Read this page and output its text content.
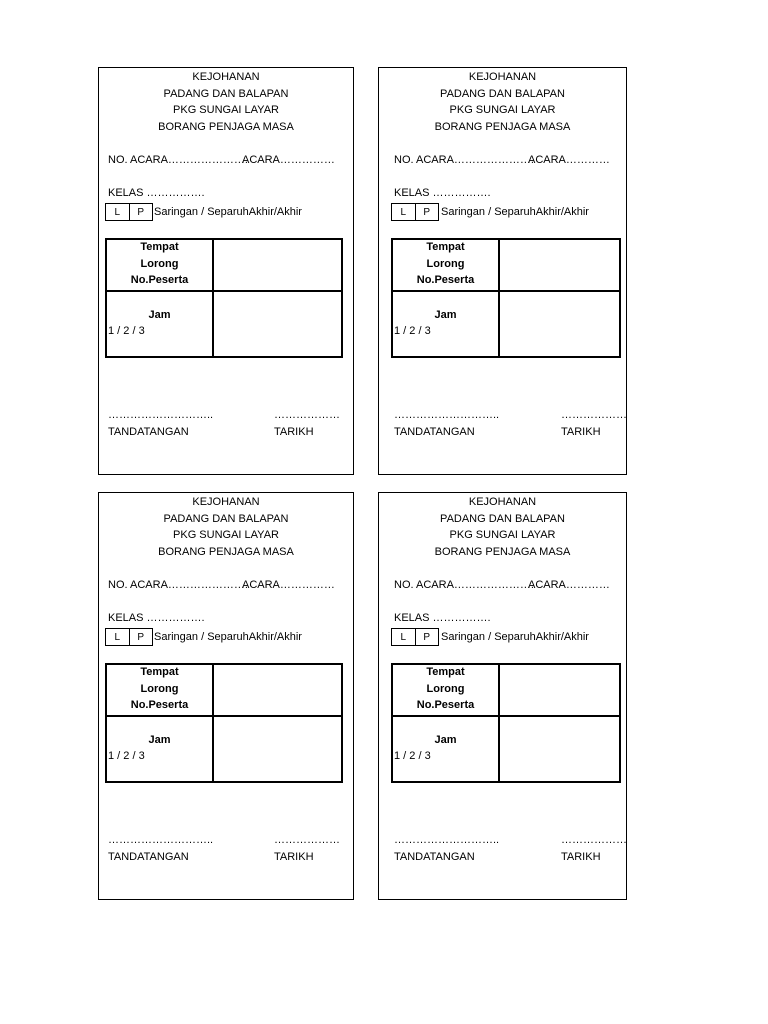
KEJOHANAN
PADANG DAN BALAPAN
PKG SUNGAI LAYAR
BORANG PENJAGA MASA
NO. ACARA………………….
ACARA……………
KELAS …………….
L	P Saringan / SeparuhAkhir/Akhir
Tempat
Lorong
No.Peserta
Jam
1 / 2 / 3
………………………..	………………
TANDATANGAN	TARIKH
KEJOHANAN
PADANG DAN BALAPAN
PKG SUNGAI LAYAR
BORANG PENJAGA MASA
NO. ACARA………………….
ACARA…………
KELAS …………….
L	P Saringan / SeparuhAkhir/Akhir
Tempat
Lorong
No.Peserta
Jam
1 / 2 / 3
………………………..	………………
TANDATANGAN	TARIKH
KEJOHANAN
PADANG DAN BALAPAN
PKG SUNGAI LAYAR
BORANG PENJAGA MASA
NO. ACARA………………….
ACARA……………
KELAS …………….
L	P Saringan / SeparuhAkhir/Akhir
Tempat
Lorong
No.Peserta
Jam
1 / 2 / 3
………………………..	………………
TANDATANGAN	TARIKH
KEJOHANAN
PADANG DAN BALAPAN
PKG SUNGAI LAYAR
BORANG PENJAGA MASA
NO. ACARA………………….
ACARA…………
KELAS …………….
L	P Saringan / SeparuhAkhir/Akhir
Tempat
Lorong
No.Peserta
Jam
1 / 2 / 3
………………………..	………………
TANDATANGAN	TARIKH
